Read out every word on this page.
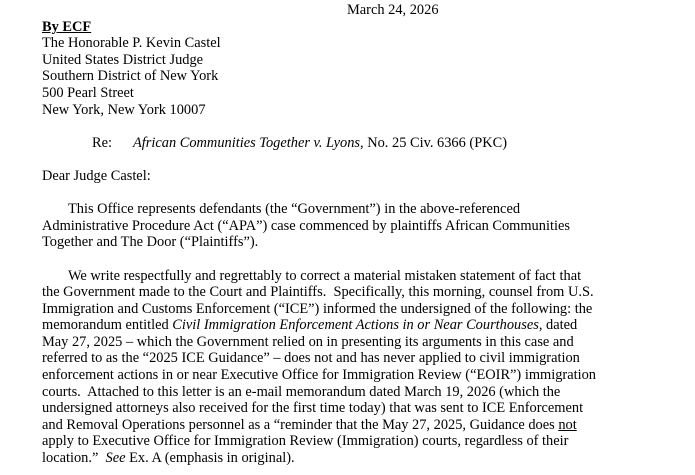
March 24, 2026
By ECF
The Honorable P. Kevin Castel
United States District Judge
Southern District of New York
500 Pearl Street
New York, New York 10007
Re: African Communities Together v. Lyons, No. 25 Civ. 6366 (PKC)
Dear Judge Castel:
This Office represents defendants (the “Government”) in the above-referenced
Administrative Procedure Act (“APA”) case commenced by plaintiffs African Communities
Together and The Door (“Plaintiffs”).
We write respectfully and regrettably to correct a material mistaken statement of fact that
the Government made to the Court and Plaintiffs.  Specifically, this morning, counsel from U.S.
Immigration and Customs Enforcement (“ICE”) informed the undersigned of the following: the
memorandum entitled Civil Immigration Enforcement Actions in or Near Courthouses, dated
May 27, 2025 – which the Government relied on in presenting its arguments in this case and
referred to as the “2025 ICE Guidance” – does not and has never applied to civil immigration
enforcement actions in or near Executive Office for Immigration Review (“EOIR”) immigration
courts.  Attached to this letter is an e-mail memorandum dated March 19, 2026 (which the
undersigned attorneys also received for the first time today) that was sent to ICE Enforcement
and Removal Operations personnel as a “reminder that the May 27, 2025, Guidance does not
apply to Executive Office for Immigration Review (Immigration) courts, regardless of their
location.”  See Ex. A (emphasis in original).
